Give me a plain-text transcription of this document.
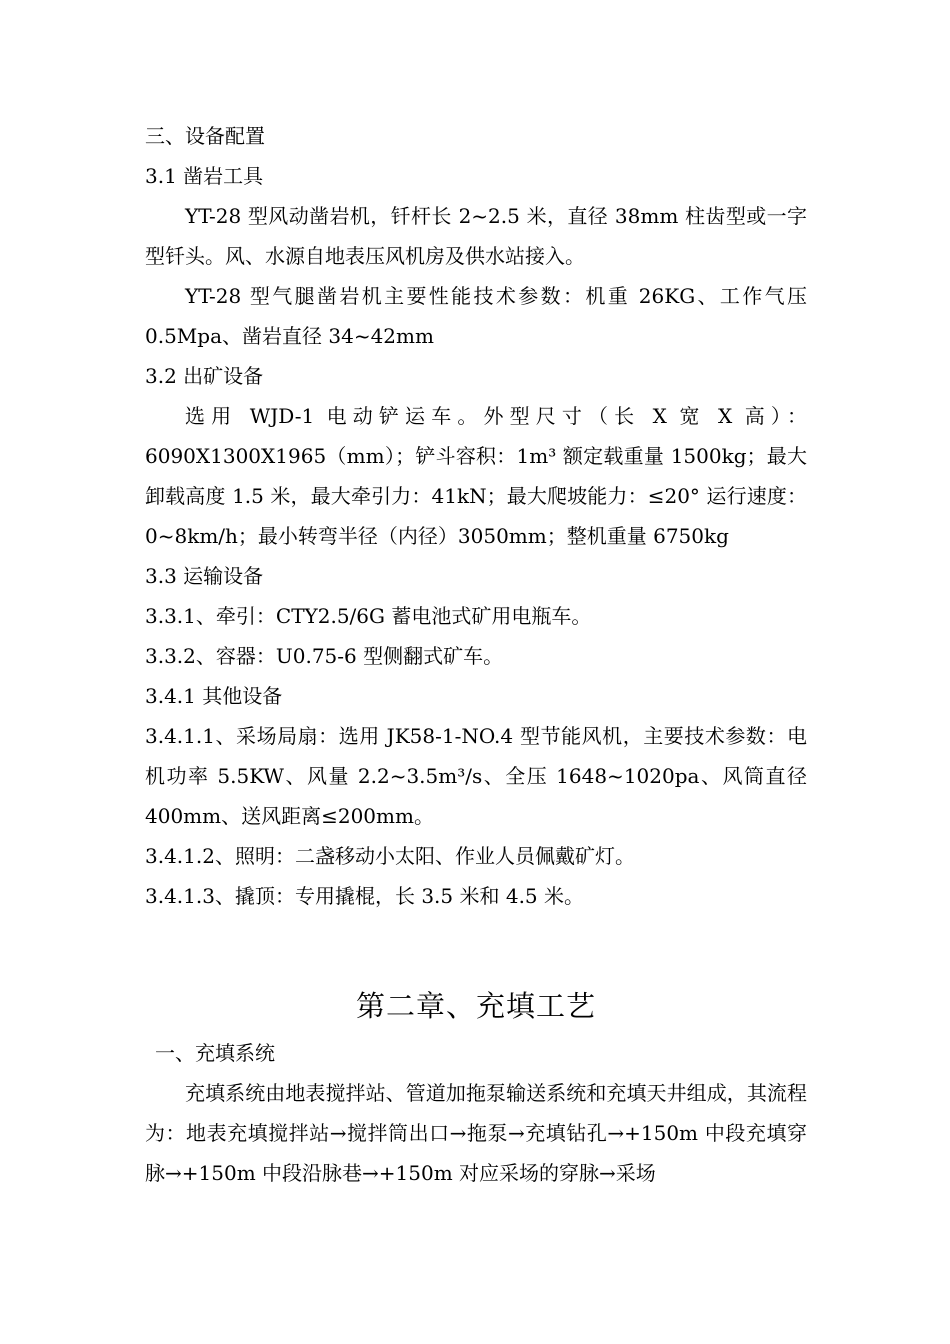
三、设备配置
3.1 凿岩工具

YT-28 型风动凿岩机，钎杆长 2~2.5 米，直径 38mm 柱齿型或一字型钎头。风、水源自地表压风机房及供水站接入。

YT-28 型气腿凿岩机主要性能技术参数：机重 26KG、工作气压 0.5Mpa、凿岩直径 34~42mm

3.2 出矿设备

选用 WJD-1 电动铲运车。外型尺寸（长 X 宽 X 高）：6090X1300X1965（mm）；铲斗容积：1m³ 额定载重量 1500kg；最大卸载高度 1.5 米，最大牵引力：41kN；最大爬坡能力：≤20° 运行速度：0~8km/h；最小转弯半径（内径）3050mm；整机重量 6750kg

3.3 运输设备
3.3.1、牵引：CTY2.5/6G 蓄电池式矿用电瓶车。
3.3.2、容器：U0.75-6 型侧翻式矿车。
3.4.1 其他设备

3.4.1.1、采场局扇：选用 JK58-1-NO.4 型节能风机，主要技术参数：电机功率 5.5KW、风量 2.2~3.5m³/s、全压 1648~1020pa、风筒直径 400mm、送风距离≤200mm。

3.4.1.2、照明：二盏移动小太阳、作业人员佩戴矿灯。
3.4.1.3、撬顶：专用撬棍，长 3.5 米和 4.5 米。
第二章、充填工艺
一、充填系统

充填系统由地表搅拌站、管道加拖泵输送系统和充填天井组成，其流程为：地表充填搅拌站→搅拌筒出口→拖泵→充填钻孔→+150m 中段充填穿脉→+150m 中段沿脉巷→+150m 对应采场的穿脉→采场
